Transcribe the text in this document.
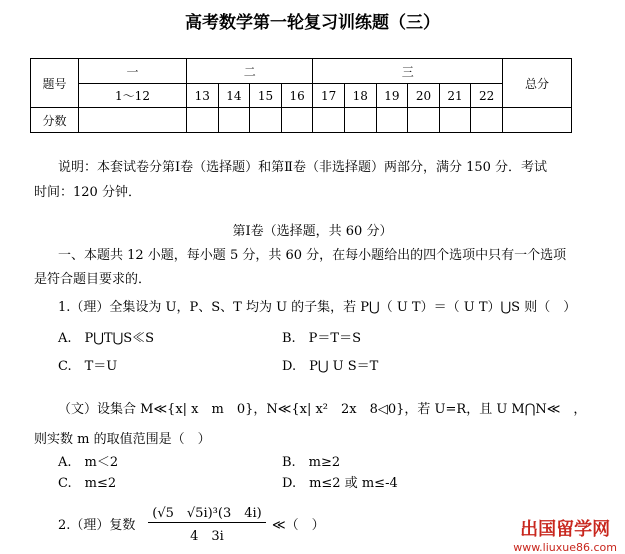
高考数学第一轮复习训练题（三）
题号	一	二				三						总分
	1～12	13	14	15	16	17	18	19	20	21	22	
分数												
说明：本套试卷分第Ⅰ卷（选择题）和第Ⅱ卷（非选择题）两部分，满分 150 分．考试
时间：120 分钟．
第Ⅰ卷（选择题，共 60 分）
一、本题共 12 小题，每小题 5 分，共 60 分，在每小题给出的四个选项中只有一个选项
是符合题目要求的．
1.（理）全集设为 U，P、S、T 均为 U 的子集，若 P⋃（ U T）＝（ U T）⋃S 则（　）
A.　P⋃T⋃S≪S	B.　P＝T＝S
C.　T＝U	D.　P⋃ U S＝T
（文）设集合 M≪{x| x　m　0}，N≪{x| x²　2x　8◁0}，若 U=R，且 U M⋂N≪　，
则实数 m 的取值范围是（　）
A.　m＜2	B.　m≥2
C.　m≤2	D.　m≤2 或 m≤-4
2.（理）复数
(√5　√5i)³(3　4i)
4　3i
≪（　）	出国留学网
www.liuxue86.com
